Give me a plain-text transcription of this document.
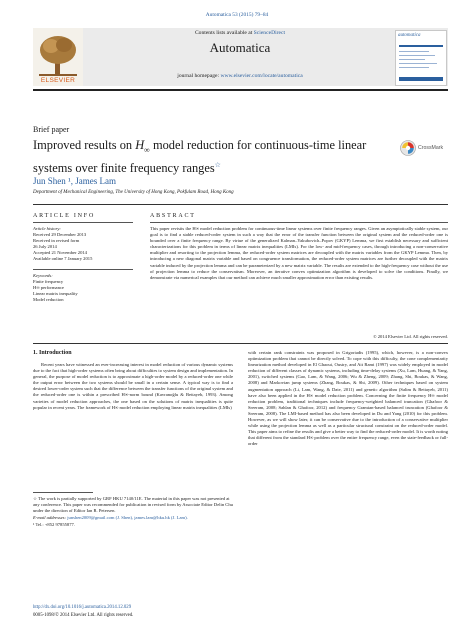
Automatica 53 (2015) 79–84
ELSEVIER
Contents lists available at ScienceDirect
Automatica
journal homepage: www.elsevier.com/locate/automatica
automatica
Brief paper
Improved results on $H_\infty$ model reduction for continuous-time linear systems over finite frequency ranges☆
CrossMark
Jun Shen ¹, James Lam
Department of Mechanical Engineering, The University of Hong Kong, Pokfulam Road, Hong Kong
ARTICLE INFO
Article history:
Received 29 December 2013
Received in revised form
26 July 2014
Accepted 21 November 2014
Available online 7 January 2015
Keywords:
Finite frequency
H∞ performance
Linear matrix inequality
Model reduction
ABSTRACT
This paper revisits the H∞ model reduction problem for continuous-time linear systems over finite frequency ranges. Given an asymptotically stable system, our goal is to find a stable reduced-order system in such a way that the error of the transfer function between the original system and the reduced-order one is bounded over a finite frequency range. By virtue of the generalized Kalman–Yakubovich–Popov (GKYP) Lemma, we first establish necessary and sufficient characterizations for this problem in terms of linear matrix inequalities (LMIs). For the low- and mid-frequency cases, through introducing a non-conservative multiplier and resorting to the projection lemma, the reduced-order system matrices are decoupled with the matrix variables from the GKYP Lemma. Then, by introducing a new diagonal matrix variable and based on congruence transformation, the reduced-order system matrices are further decoupled with the matrix variable induced by the projection lemma and can be parameterized by a new matrix variable. The results are extended to the high-frequency case without the use of projection lemma to reduce the conservatism. Moreover, an iterative convex optimization algorithm is developed to solve the conditions. Finally, we demonstrate via numerical examples that our method can achieve much smaller approximation error than existing results.
© 2014 Elsevier Ltd. All rights reserved.
1. Introduction
Recent years have witnessed an ever-increasing interest in model reduction of various dynamic systems due to the fact that high-order systems often bring about difficulties to system design and implementation. In general, the purpose of model reduction is to approximate a high-order model by a reduced-order one while the output error between the two systems should be small in a certain sense. A typical way is to find a desired lower-order system such that the difference between the transfer functions of the original system and the reduced-order one is within a prescribed H∞-norm bound (Kavranoğlu & Bettayeb, 1993). Among varieties of model reduction approaches, the one based on the solutions of matrix inequalities is quite popular in recent years. The framework of H∞ model reduction employing linear matrix inequalities (LMIs)
with certain rank constraints was proposed in Grigoriadis (1995), which, however, is a non-convex optimization problem that cannot be directly solved. To cope with this difficulty, the cone complementarity linearization method developed in El Ghaoui, Oustry, and Ait Rami (1997) was widely employed in model reduction of different classes of dynamic systems, including time-delay systems (Xu, Lam, Huang, & Yang, 2001), switched systems (Gao, Lam, & Wang, 2006; Wu & Zheng, 2009; Zhang, Shi, Boukas, & Wang, 2008) and Markovian jump systems (Zhang, Boukas, & Shi, 2009). Other techniques based on system augmentation approach (Li, Lam, Wang, & Date, 2011) and genetic algorithm (Salim & Bettayeb, 2011) have also been applied in the H∞ model reduction problem. Concerning the finite frequency H∞ model reduction problem, traditional techniques include frequency-weighted balanced truncation (Ghafoor & Sreeram, 2008; Sahlan & Ghafoor, 2012) and frequency Gramian-based balanced truncation (Ghafoor & Sreeram, 2008). The LMI-based method has also been developed in Du and Yang (2010) for this problem. However, as we will show later, it can be conservative due to the introduction of a conservative multiplier while using the projection lemma as well as a particular structural constraint on the reduced-order model. This paper aims to refine the results and give a better way to find the reduced-order model. It is worth noting that different from the standard H∞ problem over the entire frequency range, even the state-feedback or full-order
☆ The work is partially supported by GRF HKU 7140/11E. The material in this paper was not presented at any conference. This paper was recommended for publication in revised form by Associate Editor Delin Chu under the direction of Editor Ian R. Petersen.
E-mail addresses: junshen2009@gmail.com (J. Shen), james.lam@hku.hk (J. Lam).
¹ Tel.: +852 97855877.
http://dx.doi.org/10.1016/j.automatica.2014.12.029
0005-1098/© 2014 Elsevier Ltd. All rights reserved.
